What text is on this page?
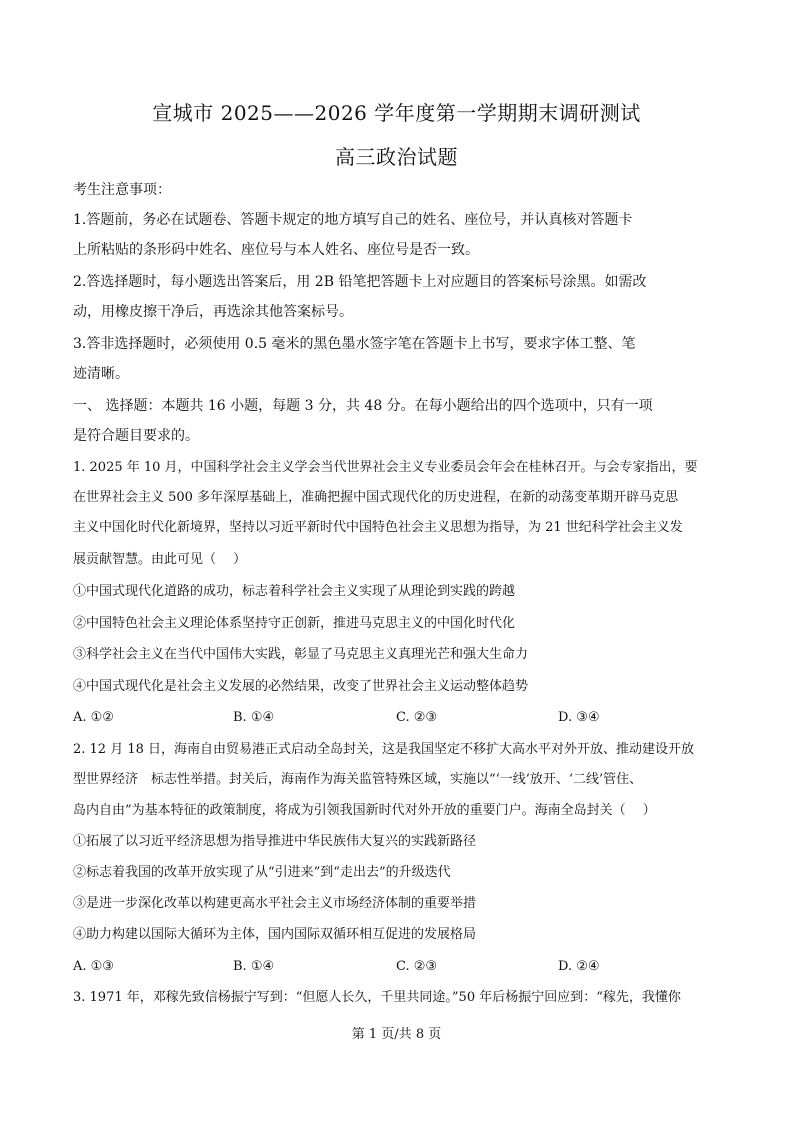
宣城市 2025——2026 学年度第一学期期末调研测试
高三政治试题
考生注意事项：
1.答题前，务必在试题卷、答题卡规定的地方填写自己的姓名、座位号，并认真核对答题卡
上所粘贴的条形码中姓名、座位号与本人姓名、座位号是否一致。
2.答选择题时，每小题选出答案后，用 2B 铅笔把答题卡上对应题目的答案标号涂黑。如需改
动，用橡皮擦干净后，再选涂其他答案标号。
3.答非选择题时，必须使用 0.5 毫米的黑色墨水签字笔在答题卡上书写，要求字体工整、笔
迹清晰。
一、 选择题：本题共 16 小题，每题 3 分，共 48 分。在每小题给出的四个选项中，只有一项
是符合题目要求的。
1. 2025 年 10 月，中国科学社会主义学会当代世界社会主义专业委员会年会在桂林召开。与会专家指出，要
在世界社会主义 500 多年深厚基础上，准确把握中国式现代化的历史进程，在新的动荡变革期开辟马克思
主义中国化时代化新境界，坚持以习近平新时代中国特色社会主义思想为指导，为 21 世纪科学社会主义发
展贡献智慧。由此可见（　 ）
①中国式现代化道路的成功，标志着科学社会主义实现了从理论到实践的跨越
②中国特色社会主义理论体系坚持守正创新，推进马克思主义的中国化时代化
③科学社会主义在当代中国伟大实践，彰显了马克思主义真理光芒和强大生命力
④中国式现代化是社会主义发展的必然结果，改变了世界社会主义运动整体趋势
A. ①②	B. ①④	C. ②③	D. ③④
2. 12 月 18 日，海南自由贸易港正式启动全岛封关，这是我国坚定不移扩大高水平对外开放、推动建设开放
型世界经济　标志性举措。封关后，海南作为海关监管特殊区域，实施以“‘一线’放开、‘二线’管住、
岛内自由”为基本特征的政策制度，将成为引领我国新时代对外开放的重要门户。海南全岛封关（　 ）
①拓展了以习近平经济思想为指导推进中华民族伟大复兴的实践新路径
②标志着我国的改革开放实现了从“引进来”到“走出去”的升级迭代
③是进一步深化改革以构建更高水平社会主义市场经济体制的重要举措
④助力构建以国际大循环为主体，国内国际双循环相互促进的发展格局
A. ①③	B. ①④	C. ②③	D. ②④
3. 1971 年，邓稼先致信杨振宁写到：“但愿人长久，千里共同途。”50 年后杨振宁回应到：“稼先，我懂你
第 1 页/共 8 页
